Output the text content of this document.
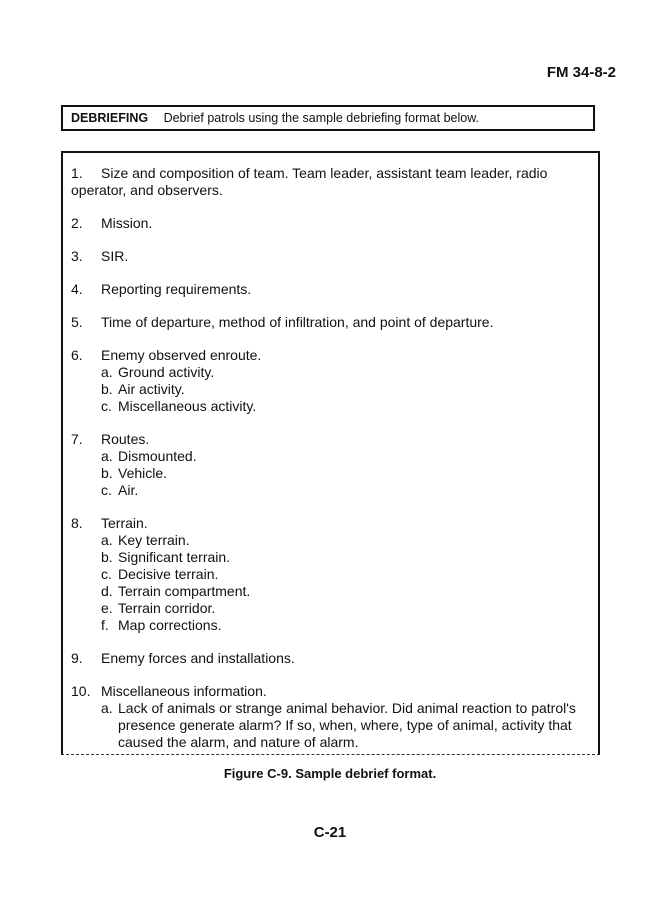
FM 34-8-2
DEBRIEFING Debrief patrols using the sample debriefing format below.
1. Size and composition of team. Team leader, assistant team leader, radio
operator, and observers.
2.	Mission.
3.	SIR.
4.	Reporting requirements.
5.	Time of departure, method of infiltration, and point of departure.
6.	Enemy observed enroute.
a. Ground activity.
b. Air activity.
c. Miscellaneous activity.
7.	Routes.
a. Dismounted.
b. Vehicle.
c. Air.
8.	Terrain.
a. Key terrain.
b. Significant terrain.
c. Decisive terrain.
d. Terrain compartment.
e. Terrain corridor.
f. Map corrections.
9.	Enemy forces and installations.
10. Miscellaneous information.
a. Lack of animals or strange animal behavior. Did animal reaction to patrol's presence generate alarm? If so, when, where, type of animal, activity that caused the alarm, and nature of alarm.
Figure C-9. Sample debrief format.
C-21
